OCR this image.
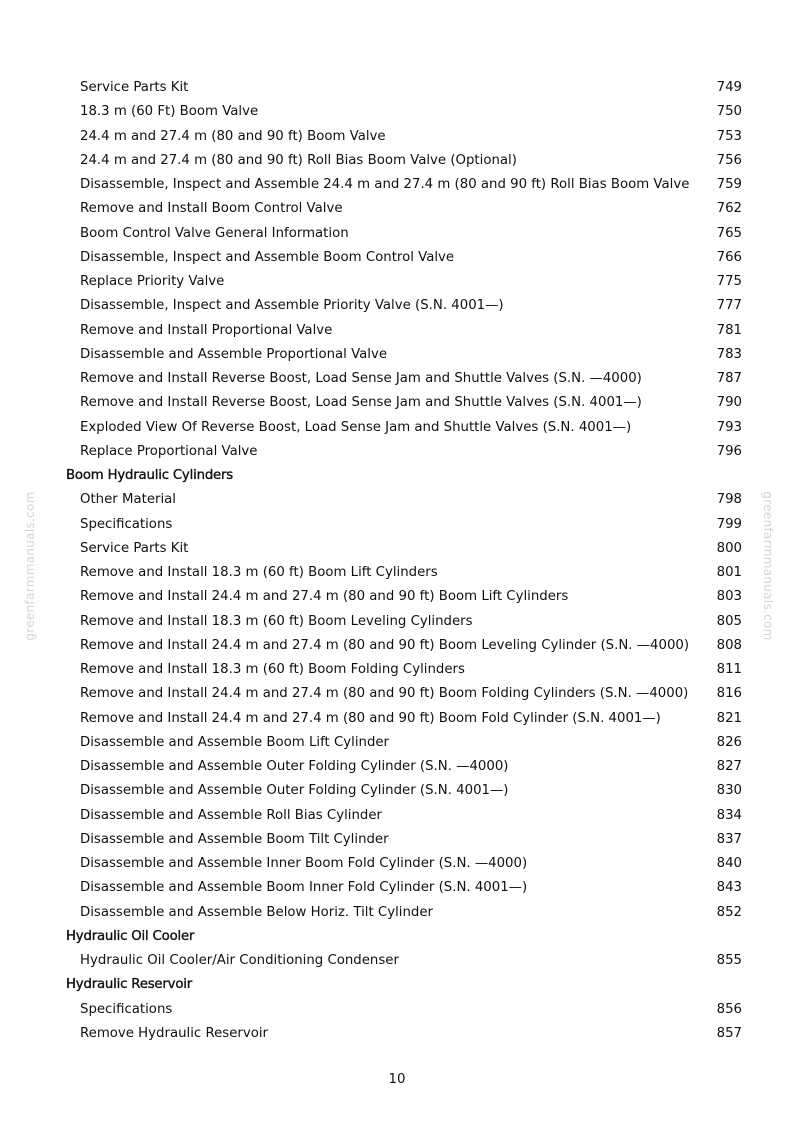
greenfarmmanuals.com	greenfarmmanuals.com
Service Parts Kit	749
18.3 m (60 Ft) Boom Valve	750
24.4 m and 27.4 m (80 and 90 ft) Boom Valve	753
24.4 m and 27.4 m (80 and 90 ft) Roll Bias Boom Valve (Optional)	756
Disassemble, Inspect and Assemble 24.4 m and 27.4 m (80 and 90 ft) Roll Bias Boom Valve 759
Remove and Install Boom Control Valve	762
Boom Control Valve General Information	765
Disassemble, Inspect and Assemble Boom Control Valve	766
Replace Priority Valve	775
Disassemble, Inspect and Assemble Priority Valve (S.N. 4001—)	777
Remove and Install Proportional Valve	781
Disassemble and Assemble Proportional Valve	783
Remove and Install Reverse Boost, Load Sense Jam and Shuttle Valves (S.N. —4000)	787
Remove and Install Reverse Boost, Load Sense Jam and Shuttle Valves (S.N. 4001—)	790
Exploded View Of Reverse Boost, Load Sense Jam and Shuttle Valves (S.N. 4001—)	793
Replace Proportional Valve	796
Boom Hydraulic Cylinders
Other Material	798
Specifications	799
Service Parts Kit	800
Remove and Install 18.3 m (60 ft) Boom Lift Cylinders	801
Remove and Install 24.4 m and 27.4 m (80 and 90 ft) Boom Lift Cylinders	803
Remove and Install 18.3 m (60 ft) Boom Leveling Cylinders	805
Remove and Install 24.4 m and 27.4 m (80 and 90 ft) Boom Leveling Cylinder (S.N. —4000) 808
Remove and Install 18.3 m (60 ft) Boom Folding Cylinders	811
Remove and Install 24.4 m and 27.4 m (80 and 90 ft) Boom Folding Cylinders (S.N. —4000) 816
Remove and Install 24.4 m and 27.4 m (80 and 90 ft) Boom Fold Cylinder (S.N. 4001—)	821
Disassemble and Assemble Boom Lift Cylinder	826
Disassemble and Assemble Outer Folding Cylinder (S.N. —4000)	827
Disassemble and Assemble Outer Folding Cylinder (S.N. 4001—)	830
Disassemble and Assemble Roll Bias Cylinder	834
Disassemble and Assemble Boom Tilt Cylinder	837
Disassemble and Assemble Inner Boom Fold Cylinder (S.N. —4000)	840
Disassemble and Assemble Boom Inner Fold Cylinder (S.N. 4001—)	843
Disassemble and Assemble Below Horiz. Tilt Cylinder	852
Hydraulic Oil Cooler
Hydraulic Oil Cooler/Air Conditioning Condenser	855
Hydraulic Reservoir
Specifications	856
Remove Hydraulic Reservoir	857
10
